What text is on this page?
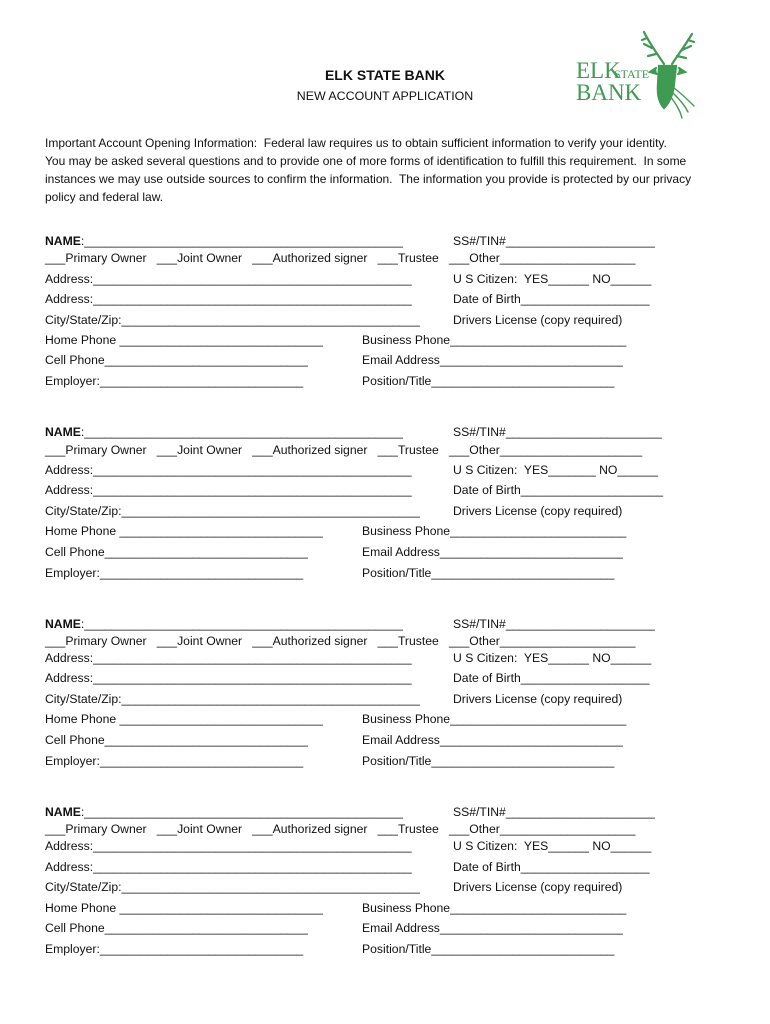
ELK STATE BANK
NEW ACCOUNT APPLICATION
ELK
STATE
BANK
Important Account Opening Information:  Federal law requires us to obtain sufficient information to verify your identity.
You may be asked several questions and to provide one of more forms of identification to fulfill this requirement.  In some
instances we may use outside sources to confirm the information.  The information you provide is protected by our privacy
policy and federal law.
NAME:_______________________________________________	SS#/TIN#______________________
___Primary Owner   ___Joint Owner   ___Authorized signer   ___Trustee   ___Other____________________
Address:_______________________________________________	U S Citizen:  YES______ NO______
Address:_______________________________________________	Date of Birth___________________
City/State/Zip:____________________________________________	Drivers License (copy required)
Home Phone ______________________________	Business Phone__________________________
Cell Phone______________________________	Email Address___________________________
Employer:______________________________	Position/Title___________________________
NAME:_______________________________________________	SS#/TIN#_______________________
___Primary Owner   ___Joint Owner   ___Authorized signer   ___Trustee   ___Other_____________________
Address:_______________________________________________	U S Citizen:  YES_______ NO______
Address:_______________________________________________	Date of Birth_____________________
City/State/Zip:____________________________________________	Drivers License (copy required)
Home Phone ______________________________	Business Phone__________________________
Cell Phone______________________________	Email Address___________________________
Employer:______________________________	Position/Title___________________________
NAME:_______________________________________________	SS#/TIN#______________________
___Primary Owner   ___Joint Owner   ___Authorized signer   ___Trustee   ___Other____________________
Address:_______________________________________________	U S Citizen:  YES______ NO______
Address:_______________________________________________	Date of Birth___________________
City/State/Zip:____________________________________________	Drivers License (copy required)
Home Phone ______________________________	Business Phone__________________________
Cell Phone______________________________	Email Address___________________________
Employer:______________________________	Position/Title___________________________
NAME:_______________________________________________	SS#/TIN#______________________
___Primary Owner   ___Joint Owner   ___Authorized signer   ___Trustee   ___Other____________________
Address:_______________________________________________	U S Citizen:  YES______ NO______
Address:_______________________________________________	Date of Birth___________________
City/State/Zip:____________________________________________	Drivers License (copy required)
Home Phone ______________________________	Business Phone__________________________
Cell Phone______________________________	Email Address___________________________
Employer:______________________________	Position/Title___________________________
